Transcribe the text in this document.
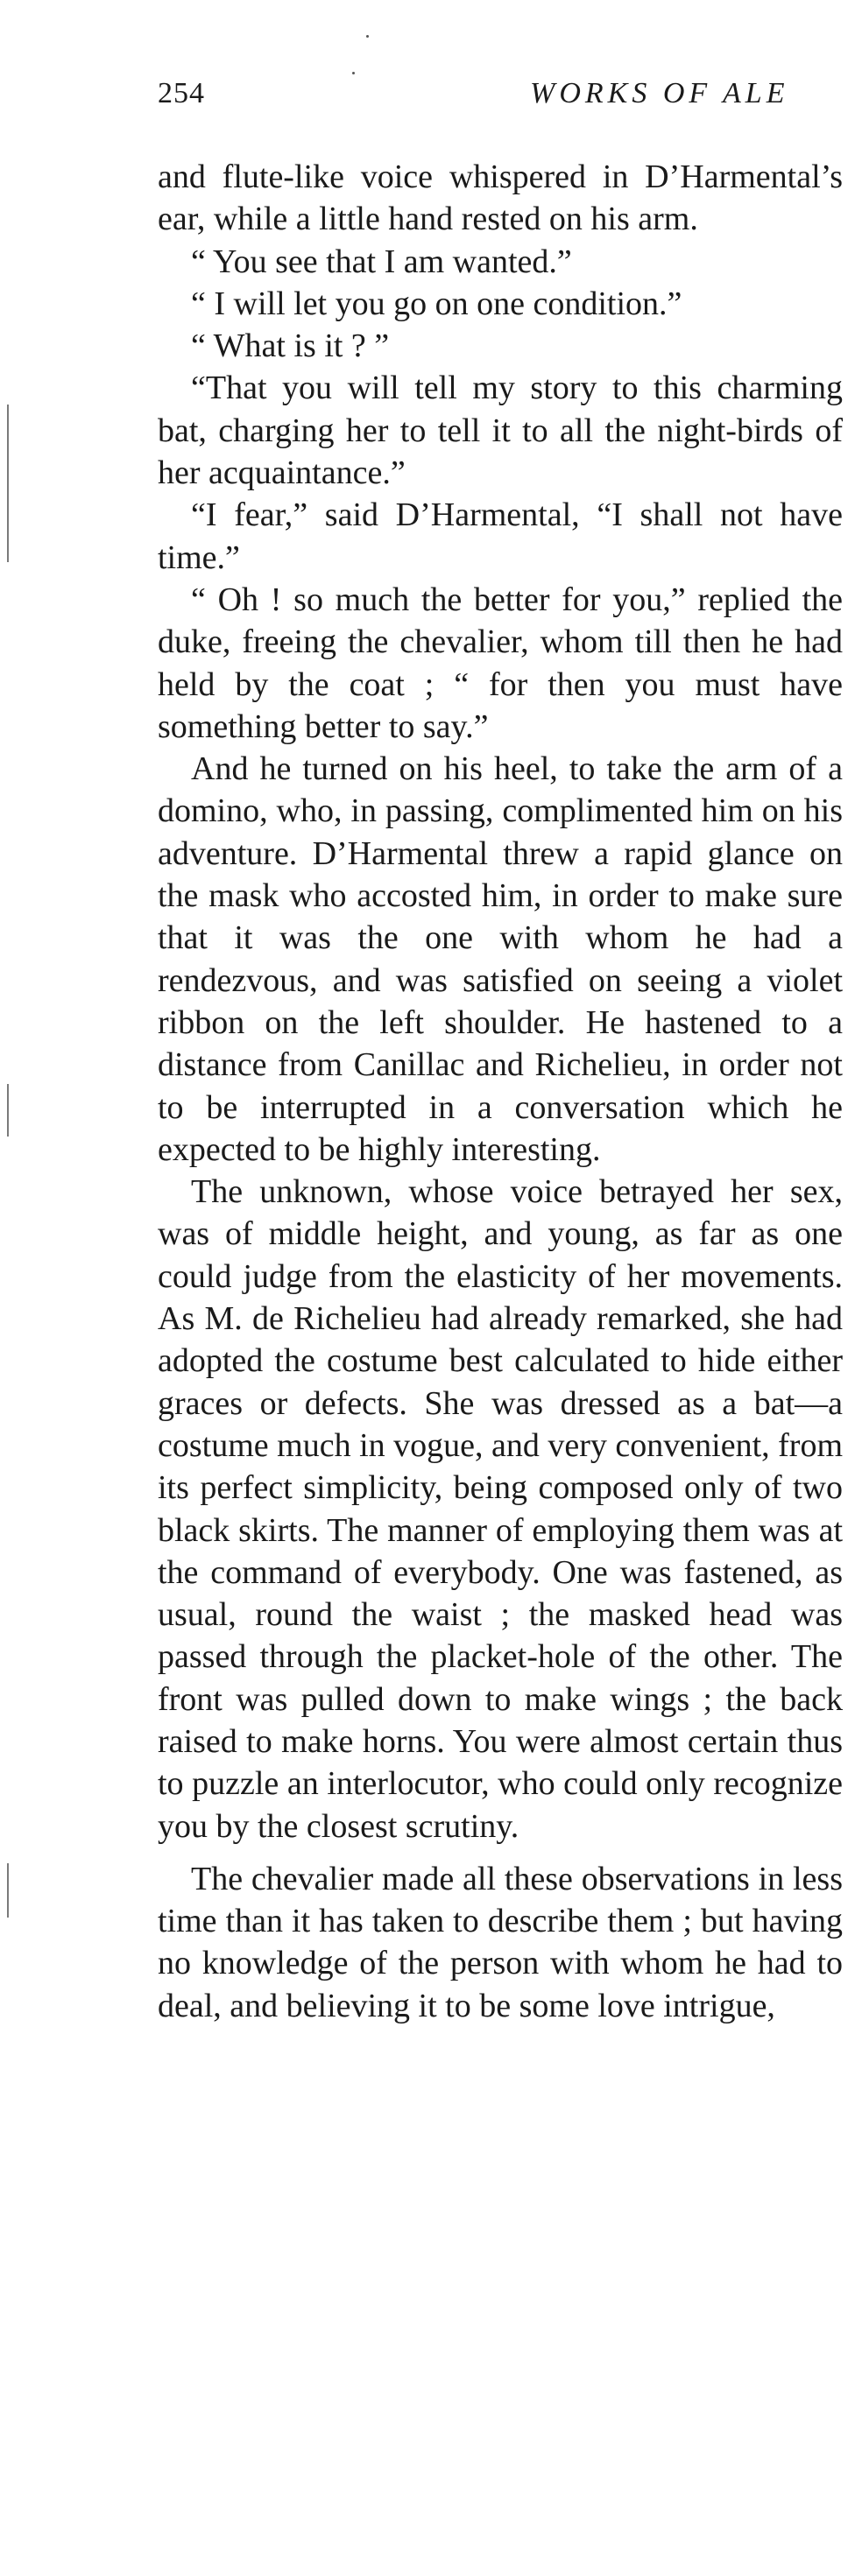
254	WORKS OF ALE

and flute-like voice whispered in D’Harmental’s ear, while a little hand rested on his arm.

“ You see that I am wanted.”

“ I will let you go on one condition.”

“ What is it ? ”

“That you will tell my story to this charming bat, charging her to tell it to all the night-birds of her acquaintance.”

“I fear,” said D’Harmental, “I shall not have time.”

“ Oh ! so much the better for you,” replied the duke, freeing the chevalier, whom till then he had held by the coat ; “ for then you must have something better to say.”

And he turned on his heel, to take the arm of a domino, who, in passing, complimented him on his adventure. D’Harmental threw a rapid glance on the mask who accosted him, in order to make sure that it was the one with whom he had a rendezvous, and was satisfied on seeing a violet ribbon on the left shoulder. He hastened to a distance from Canillac and Richelieu, in order not to be interrupted in a conversation which he expected to be highly interesting.

The unknown, whose voice betrayed her sex, was of middle height, and young, as far as one could judge from the elasticity of her movements. As M. de Richelieu had already remarked, she had adopted the costume best calculated to hide either graces or defects. She was dressed as a bat—a costume much in vogue, and very convenient, from its perfect simplicity, being composed only of two black skirts. The manner of employing them was at the command of everybody. One was fastened, as usual, round the waist ; the masked head was passed through the placket-hole of the other. The front was pulled down to make wings ; the back raised to make horns. You were almost certain thus to puzzle an interlocutor, who could only recognize you by the closest scrutiny.

The chevalier made all these observations in less time than it has taken to describe them ; but having no knowledge of the person with whom he had to deal, and believing it to be some love intrigue,
